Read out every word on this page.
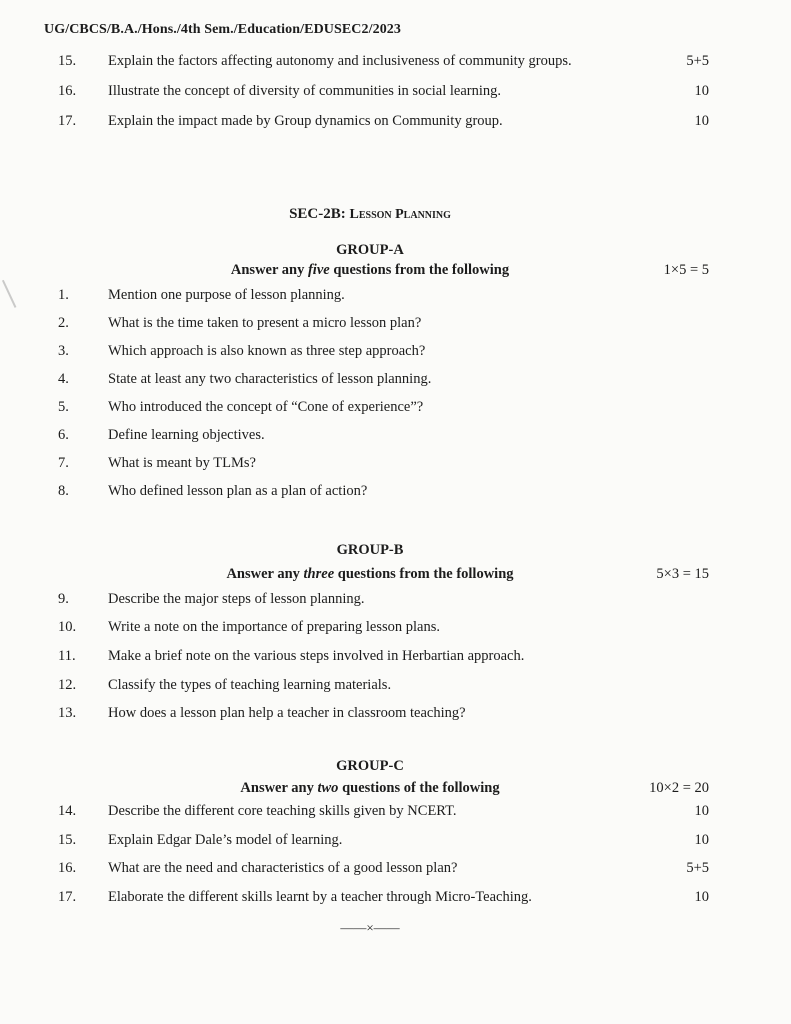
UG/CBCS/B.A./Hons./4th Sem./Education/EDUSEC2/2023
15.	Explain the factors affecting autonomy and inclusiveness of community groups.	5+5
16.	Illustrate the concept of diversity of communities in social learning.	10
17.	Explain the impact made by Group dynamics on Community group.	10
SEC-2B: Lesson Planning
GROUP-A
Answer any five questions from the following	1×5 = 5
1.	Mention one purpose of lesson planning.
2.	What is the time taken to present a micro lesson plan?
3.	Which approach is also known as three step approach?
4.	State at least any two characteristics of lesson planning.
5.	Who introduced the concept of “Cone of experience”?
6.	Define learning objectives.
7.	What is meant by TLMs?
8.	Who defined lesson plan as a plan of action?
GROUP-B
Answer any three questions from the following	5×3 = 15
9.	Describe the major steps of lesson planning.
10.	Write a note on the importance of preparing lesson plans.
11.	Make a brief note on the various steps involved in Herbartian approach.
12.	Classify the types of teaching learning materials.
13.	How does a lesson plan help a teacher in classroom teaching?
GROUP-C
Answer any two questions of the following	10×2 = 20
14.	Describe the different core teaching skills given by NCERT.	10
15.	Explain Edgar Dale’s model of learning.	10
16.	What are the need and characteristics of a good lesson plan?	5+5
17.	Elaborate the different skills learnt by a teacher through Micro-Teaching.	10
——×——
